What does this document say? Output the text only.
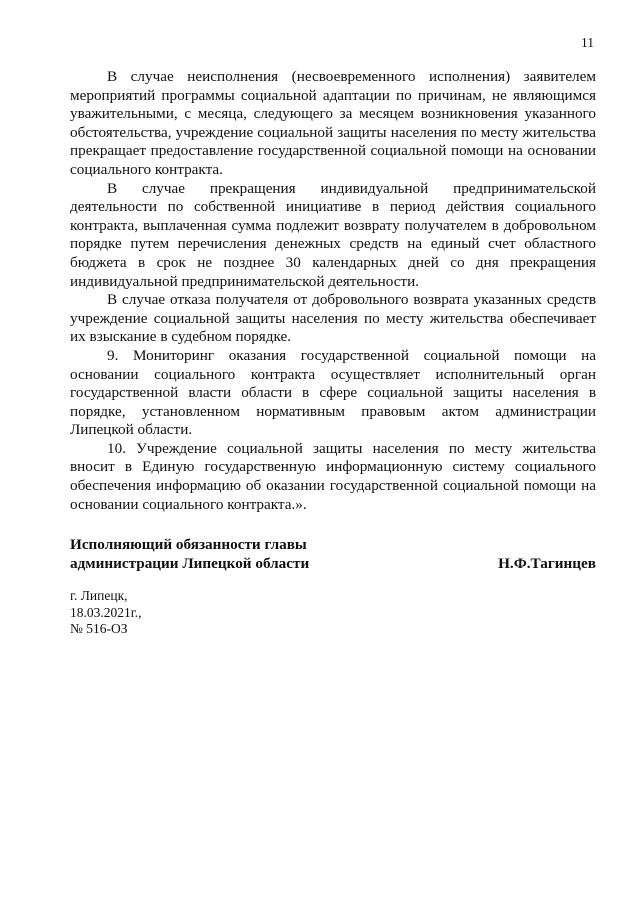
11

В случае неисполнения (несвоевременного исполнения) заявителем мероприятий программы социальной адаптации по причинам, не являющимся уважительными, с месяца, следующего за месяцем возникновения указанного обстоятельства, учреждение социальной защиты населения по месту жительства прекращает предоставление государственной социальной помощи на основании социального контракта.

В случае прекращения индивидуальной предпринимательской деятельности по собственной инициативе в период действия социального контракта, выплаченная сумма подлежит возврату получателем в добровольном порядке путем перечисления денежных средств на единый счет областного бюджета в срок не позднее 30 календарных дней со дня прекращения индивидуальной предпринимательской деятельности.

В случае отказа получателя от добровольного возврата указанных средств учреждение социальной защиты населения по месту жительства обеспечивает их взыскание в судебном порядке.

9. Мониторинг оказания государственной социальной помощи на основании социального контракта осуществляет исполнительный орган государственной власти области в сфере социальной защиты населения в порядке, установленном нормативным правовым актом администрации Липецкой области.

10. Учреждение социальной защиты населения по месту жительства вносит в Единую государственную информационную систему социального обеспечения информацию об оказании государственной социальной помощи на основании социального контракта.».

Исполняющий обязанности главы
администрации Липецкой области	Н.Ф.Тагинцев
г. Липецк,
18.03.2021г.,
№ 516-ОЗ
